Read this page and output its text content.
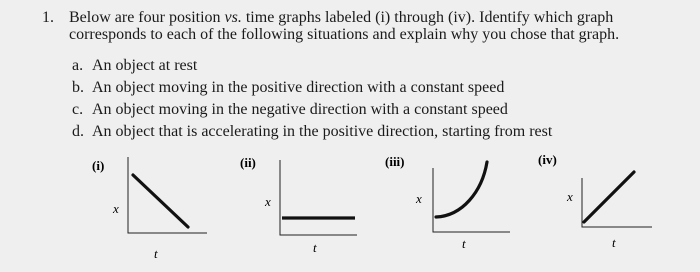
1. Below are four position vs. time graphs labeled (i) through (iv). Identify which graph corresponds to each of the following situations and explain why you chose that graph.
a. An object at rest
b. An object moving in the positive direction with a constant speed
c. An object moving in the negative direction with a constant speed
d. An object that is accelerating in the positive direction, starting from rest
(i)
x
t
(ii)
x
t
(iii)
x
t
(iv)
x
t
